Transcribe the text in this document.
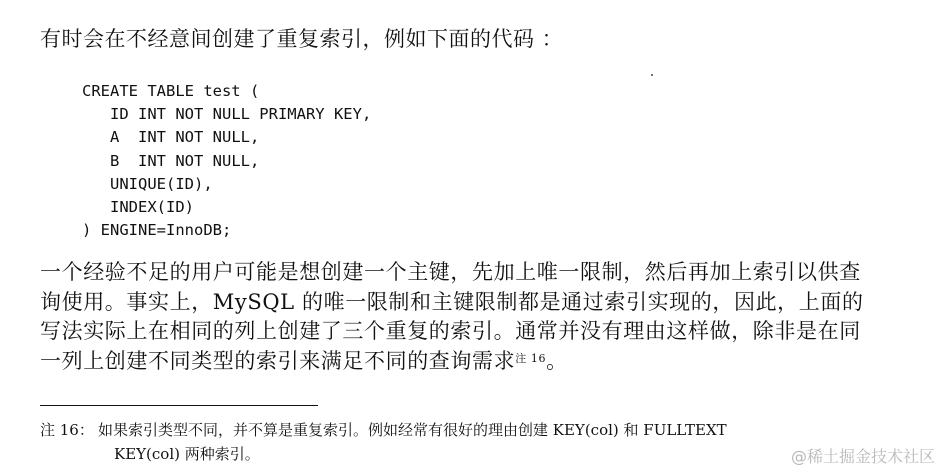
有时会在不经意间创建了重复索引，例如下面的代码 ：
CREATE TABLE test (
ID INT NOT NULL PRIMARY KEY,
A  INT NOT NULL,
B  INT NOT NULL,
UNIQUE(ID),
INDEX(ID)
) ENGINE=InnoDB;
一个经验不足的用户可能是想创建一个主键，先加上唯一限制，然后再加上索引以供查
询使用。事实上，MySQL 的唯一限制和主键限制都是通过索引实现的，因此，上面的
写法实际上在相同的列上创建了三个重复的索引。通常并没有理由这样做，除非是在同
一列上创建不同类型的索引来满足不同的查询需求$^{注 16}$。
注 16： 如果索引类型不同，并不算是重复索引。例如经常有很好的理由创建 KEY(col) 和 FULLTEXT
KEY(col) 两种索引。	@稀土掘金技术社区
